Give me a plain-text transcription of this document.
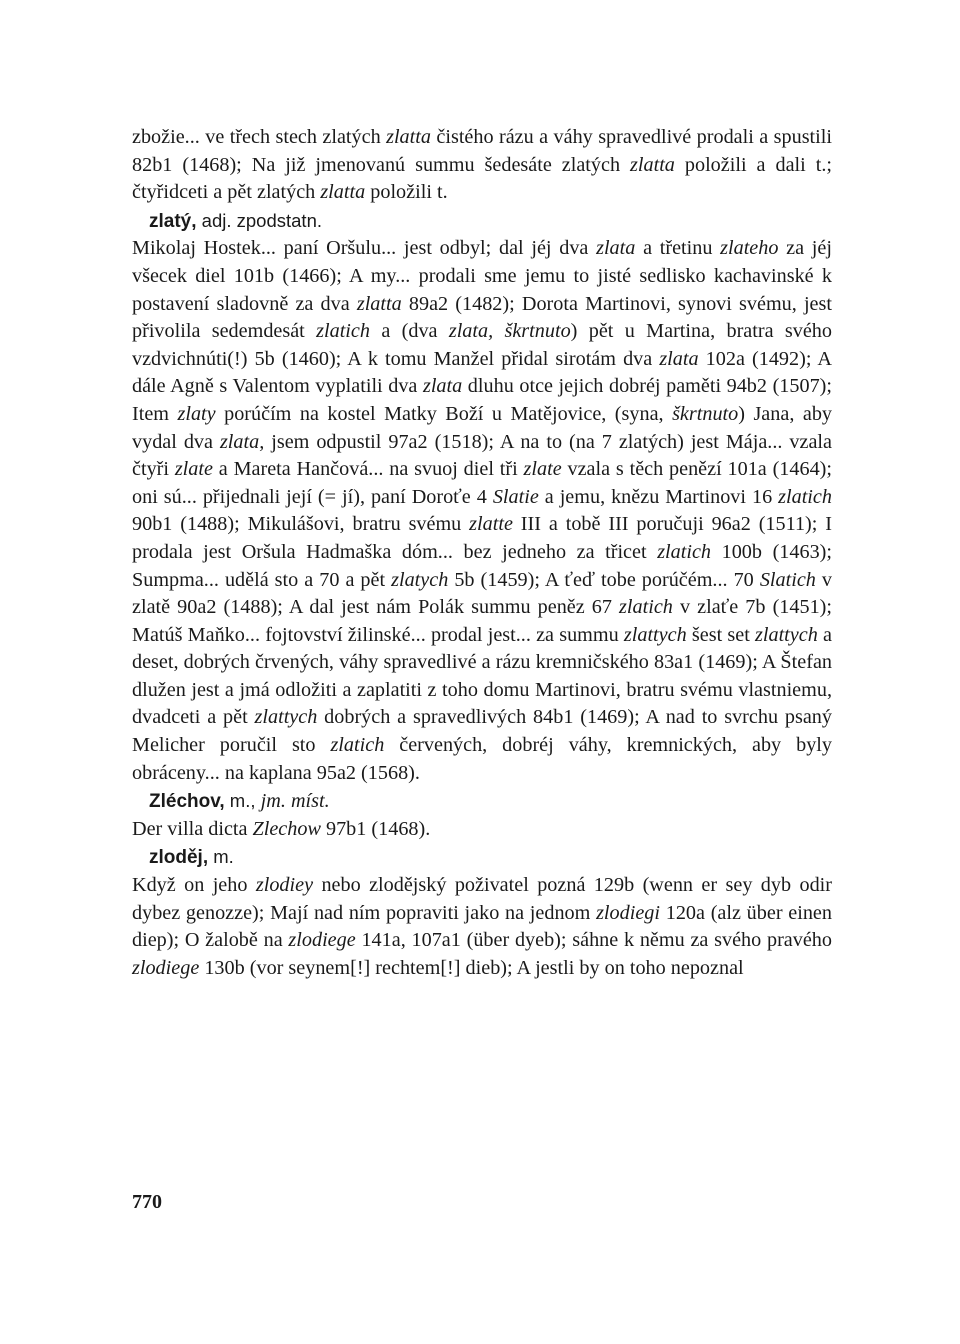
zbožie... ve třech stech zlatých zlatta čistého rázu a váhy spravedlivé prodali a spustili 82b1 (1468); Na již jmenovanú summu šedesáte zlatých zlatta položili a dali t.; čtyřidceti a pět zlatých zlatta položili t.

zlatý, adj. zpodstatn.

Mikolaj Hostek... paní Oršulu... jest odbyl; dal jéj dva zlata a třetinu zlateho za jéj všecek diel 101b (1466); A my... prodali sme jemu to jisté sedlisko kachavinské k postavení sladovně za dva zlatta 89a2 (1482); Dorota Martinovi, synovi svému, jest přivolila sedemdesát zlatich a (dva zlata, škrtnuto) pět u Martina, bratra svého vzdvichnúti(!) 5b (1460); A k tomu Manžel přidal sirotám dva zlata 102a (1492); A dále Agně s Valentom vyplatili dva zlata dluhu otce jejich dobréj paměti 94b2 (1507); Item zlaty porúčím na kostel Matky Boží u Matějovice, (syna, škrtnuto) Jana, aby vydal dva zlata, jsem odpustil 97a2 (1518); A na to (na 7 zlatých) jest Mája... vzala čtyři zlate a Mareta Hančová... na svuoj diel tři zlate vzala s těch penězí 101a (1464); oni sú... přijednali její (= jí), paní Doroťe 4 Slatie a jemu, knězu Martinovi 16 zlatich 90b1 (1488); Mikulášovi, bratru svému zlatte III a tobě III poručuji 96a2 (1511); I prodala jest Oršula Hadmaška dóm... bez jedneho za třicet zlatich 100b (1463); Sumpma... udělá sto a 70 a pět zlatych 5b (1459); A ťeď tobe porúčém... 70 Slatich v zlatě 90a2 (1488); A dal jest nám Polák summu peněz 67 zlatich v zlaťe 7b (1451); Matúš Maňko... fojtovství žilinské... prodal jest... za summu zlattych šest set zlattych a deset, dobrých črvených, váhy spravedlivé a rázu kremničského 83a1 (1469); A Štefan dlužen jest a jmá odložiti a zaplatiti z toho domu Martinovi, bratru svému vlastniemu, dvadceti a pět zlattych dobrých a spravedlivých 84b1 (1469); A nad to svrchu psaný Melicher poručil sto zlatich červených, dobréj váhy, kremnických, aby byly obráceny... na kaplana 95a2 (1568).

Zléchov, m., jm. míst.

Der villa dicta Zlechow 97b1 (1468).

zloděj, m.

Když on jeho zlodiey nebo zlodějský poživatel pozná 129b (wenn er sey dyb odir dybez genozze); Mají nad ním popraviti jako na jednom zlodiegi 120a (alz über einen diep); O žalobě na zlodiege 141a, 107a1 (über dyeb); sáhne k němu za svého pravého zlodiege 130b (vor seynem[!] rechtem[!] dieb); A jestli by on toho nepoznal

770
